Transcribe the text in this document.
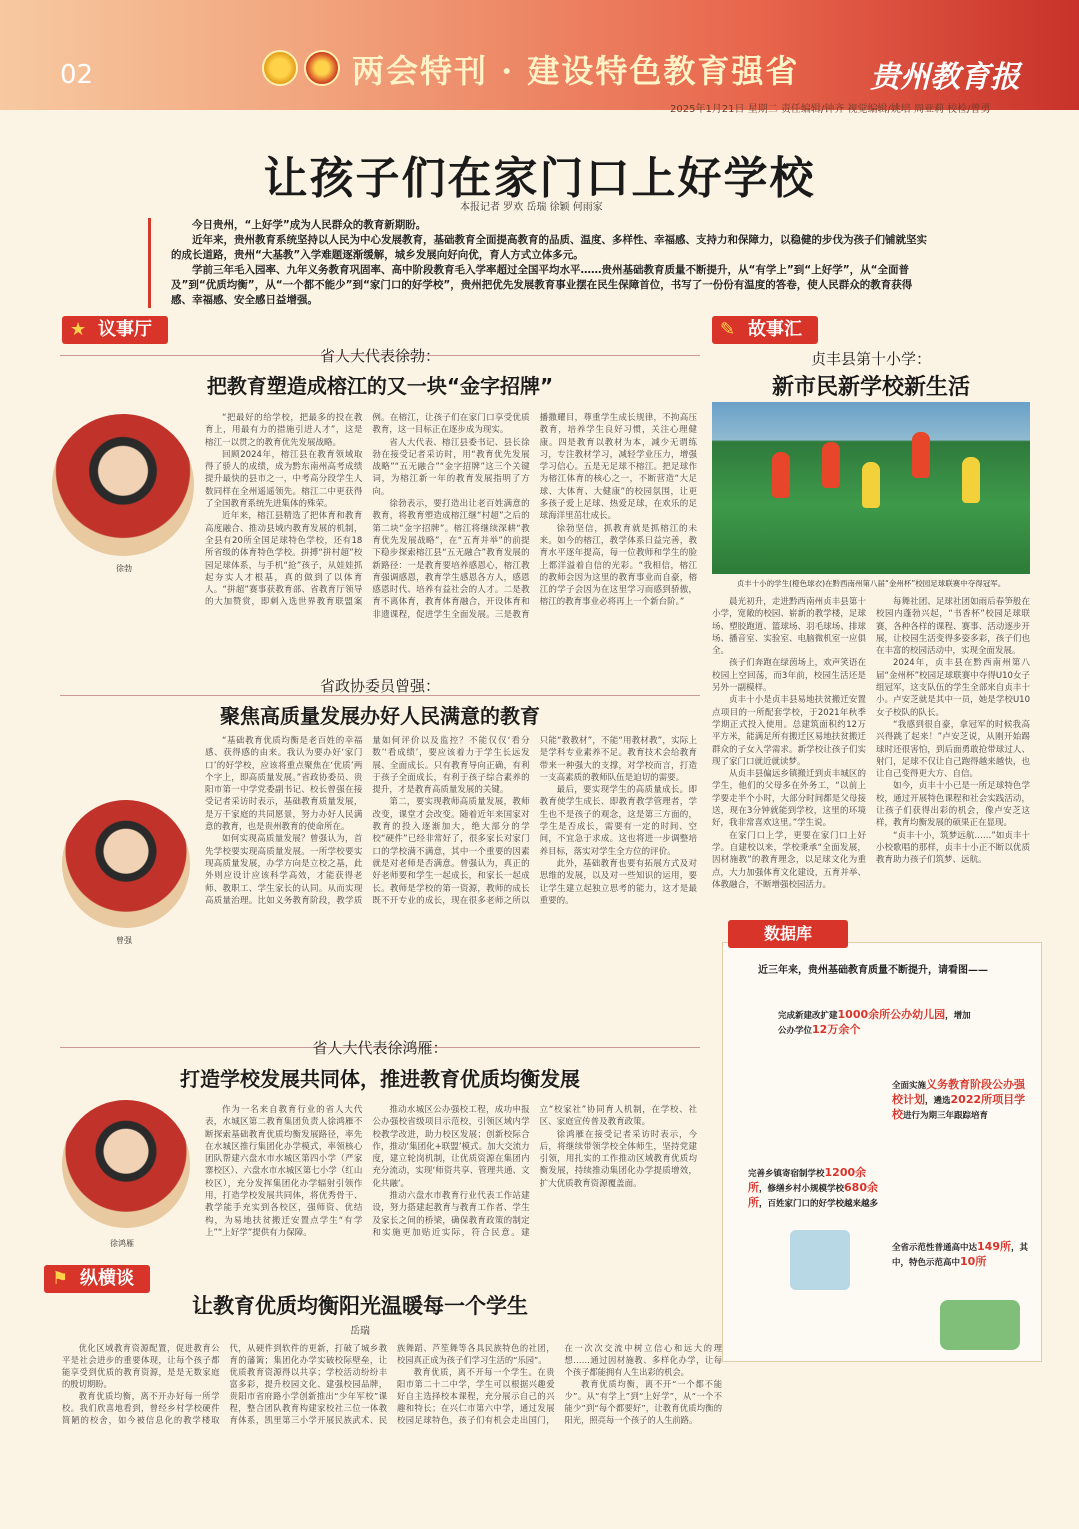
02	两会特刊 · 建设特色教育强省 贵州教育报
2025年1月21日 星期二 责任编辑/钟齐 视觉编辑/姚培 周亚莉 校检/曾勇
让孩子们在家门口上好学校
本报记者 罗欢 岳瑞 徐颖 何雨家

今日贵州，“上好学”成为人民群众的教育新期盼。

近年来，贵州教育系统坚持以人民为中心发展教育，基础教育全面提高教育的品质、温度、多样性、幸福感、支持力和保障力，以稳健的步伐为孩子们铺就坚实的成长道路，贵州“大基教”入学难题逐渐缓解，城乡发展向好向优，育人方式立体多元。

学前三年毛入园率、九年义务教育巩固率、高中阶段教育毛入学率超过全国平均水平……贵州基础教育质量不断提升，从“有学上”到“上好学”，从“全面普及”到“优质均衡”，从“一个都不能少”到“家门口的好学校”，贵州把优先发展教育事业摆在民生保障首位，书写了一份份有温度的答卷，使人民群众的教育获得感、幸福感、安全感日益增强。

★ 议事厅
省人大代表徐勃：
把教育塑造成榕江的又一块“金字招牌”
徐勃

“把最好的给学校，把最多的投在教育上，用最有力的措施引进人才”，这是榕江一以贯之的教育优先发展战略。

回顾2024年，榕江县在教育领域取得了骄人的成绩，成为黔东南州高考成绩提升最快的县市之一，中考高分段学生人数同样在全州遥遥领先。榕江二中更获得了全国教育系统先进集体的殊荣。

近年来，榕江县精选了把体育和教育高度融合、推动县域内教育发展的机制，全县有20所全国足球特色学校，还有18所省级的体育特色学校。拼搏“拼村超”校园足球体系，与手机“抢”孩子，从娃娃抓起夯实人才根基，真的做到了以体育人。“拼超”赛事获教育部、省教育厅领导的大加赞赏，即刺入选世界教育联盟案例。在榕江，让孩子们在家门口享受优质教育，这一目标正在逐步成为现实。

省人大代表、榕江县委书记、县长徐勃在接受记者采访时，用“教育优先发展战略”“五无融合”“金字招牌”这三个关键词，为榕江新一年的教育发展指明了方向。

徐勃表示，要打造出让老百姓满意的教育，将教育塑造成榕江继“村超”之后的第二块“金字招牌”。榕江将继续深耕“教育优先发展战略”，在“五育并举”的前提下稳步探索榕江县“五无融合”教育发展的新路径：一是教育要培养感恩心，榕江教育强调感恩，教育学生感恩各方人，感恩感恩时代、培养有益社会的人才。二是教育不离体育，教育体育融合，开设体育和非遗课程，促进学生全面发展。三是教育播撒耀目，尊重学生成长规律，不拘高压教育，培养学生良好习惯，关注心理健康。四是教育以教材为本，减少无谓练习，专注教材学习，减轻学业压力，增强学习信心。五是无足球不榕江。把足球作为榕江体育的核心之一，不断营造“大足球、大体育、大健康”的校园氛围，让更多孩子爱上足球、热爱足球，在欢乐的足球海洋里茁壮成长。

徐勃坚信，抓教育就是抓榕江的未来。如今的榕江，教学体系日益完善，教育水平逐年提高，每一位教师和学生的脸上都洋溢着自信的光彩。“我相信，榕江的教师会因为这里的教育事业而自豪，榕江的学子会因为在这里学习而感到骄傲，榕江的教育事业必将再上一个新台阶。”

省政协委员曾强：
聚焦高质量发展办好人民满意的教育
曾强

“基础教育优质均衡是老百姓的幸福感、获得感的由来。我认为要办好‘家门口’的好学校，应该将重点聚焦在‘优质’两个字上，即高质量发展。”省政协委员、贵阳市第一中学党委副书记、校长曾强在接受记者采访时表示，基础教育质量发展，是万千家庭的共同愿景，努力办好人民满意的教育，也是贵州教育的使命所在。

如何实现高质量发展？曾强认为，首先学校要实现高质量发展。一所学校要实现高质量发展，办学方向是立校之基，此外则应设计应该科学高效，才能获得老师、教职工、学生家长的认同。从而实现高质量治理。比如义务教育阶段，教学质量如何评价以及监控？不能仅仅‘看分数’‘看成绩’，要应该着力于学生长远发展、全面成长。只有教育导向正确，有利于孩子全面成长，有利于孩子综合素养的提升，才是教育高质量发展的关键。

第二，要实现教师高质量发展，教师改变，课堂才会改变。随着近年来国家对教育的投入逐渐加大，绝大部分的学校“硬件”已经非常好了，很多家长对家门口的学校满不满意，其中一个重要的因素就是对老师是否满意。曾强认为，真正的好老师要和学生一起成长，和家长一起成长。教师是学校的第一资源，教师的成长既不开专业的成长，现在很多老师之所以只能“教教材”，不能“用教材教”，实际上是学科专业素养不足。教育技术会给教育带来一种强大的支撑，对学校而言，打造一支高素质的教师队伍是迫切的需要。

最后，要实现学生的高质量成长。即教育使学生成长、即教育教学管理者，学生也不是孩子的观念，这是第三方面的，学生是否成长，需要有一定的时间、空间，不宜急于求成。这也将进一步调整培养目标，落实对学生全方位的评价。

此外，基础教育也要有拓展方式及对思维的发展，以及对一些知识的运用，要让学生建立起独立思考的能力，这才是最重要的。

省人大代表徐鸿雁：
打造学校发展共同体，推进教育优质均衡发展
徐鸿雁

作为一名来自教育行业的省人大代表，水城区第二教育集团负责人徐鸿雁不断探索基础教育优质均衡发展路径，率先在水城区推行集团化办学模式，率领核心团队帮建六盘水市水城区第四小学（严家寨校区）、六盘水市水城区第七小学（红山校区），充分发挥集团化办学辐射引领作用，打造学校发展共同体，将优秀骨干、教学能手充实到各校区，强师资、优结构，为易地扶贫搬迁安置点学生“有学上”“上好学”提供有力保障。

推动水城区公办强校工程，成功申报公办强校省级项目示范校，引领区域内学校教学改进，助力校区发展；创新校际合作，推动‘集团化+联盟’模式。加大交流力度，建立轮岗机制，让优质资源在集团内充分流动，实现‘师资共享、管理共通、文化共融’。

推动六盘水市教育行业代表工作站建设，努力搭建起教育与教育工作者、学生及家长之间的桥梁，确保教育政策的制定和实施更加贴近实际，符合民意。建立“校家社”协同育人机制，在学校、社区、家庭宣传普及教育政策。

徐鸿雁在接受记者采访时表示，今后，将继续带领学校全体师生，坚持党建引领，用扎实的工作推动区域教育优质均衡发展，持续推动集团化办学提质增效，扩大优质教育资源覆盖面。

✎ 故事汇
贞丰县第十小学：
新市民新学校新生活
贞丰十小的学生(橙色球衣)在黔西南州第八届“金州杯”校园足球联赛中夺得冠军。

晨光初升，走进黔西南州贞丰县第十小学，宽敞的校园、崭新的教学楼，足球场、塑胶跑道、篮球场、羽毛球场、排球场、播音室、实验室、电脑微机室一应俱全。

孩子们奔跑在绿茵场上，欢声笑语在校园上空回荡，而3年前，校园生活还是另外一副模样。

贞丰十小是贞丰县易地扶贫搬迁安置点项目的一所配套学校，于2021年秋季学期正式投入使用。总建筑面积约12万平方米，能满足所有搬迁区易地扶贫搬迁群众的子女入学需求。新学校让孩子们实现了家门口就近就读梦。

从贞丰县偏远乡镇搬迁到贞丰城区的学生，他们的父母多在外务工，“以前上学要走半个小时，大部分时间都是父母接送，现在3分钟就能到学校，这里的环境好，我非常喜欢这里。”学生说。

在家门口上学，更要在家门口上好学。自建校以来，学校秉承“全面发展，因材施教”的教育理念，以足球文化为重点，大力加强体育文化建设，五育并举、体教融合，不断增强校园活力。

每舞社团、足球社团如雨后春笋般在校园内蓬勃兴起，“书香杯”校园足球联赛，各种各样的课程、赛事、活动逐步开展，让校园生活变得多姿多彩，孩子们也在丰富的校园活动中，实现全面发展。

2024年，贞丰县在黔西南州第八届“金州杯”校园足球联赛中夺得U10女子组冠军，这支队伍的学生全部来自贞丰十小。卢安芝就是其中一员，她是学校U10女子校队的队长。

“我感到很自豪，拿冠军的时候我高兴得跳了起来！”卢安芝说，从刚开始踢球时还很害怕，到后面勇敢抢带球过人、射门，足球不仅让自己跑得越来越快，也让自己变得更大方、自信。

如今，贞丰十小已是一所足球特色学校，通过开展特色课程和社会实践活动，让孩子们获得出彩的机会，像卢安芝这样，教育均衡发展的硕果正在显现。

“贞丰十小，筑梦远航……”如贞丰十小校歌唱的那样，贞丰十小正不断以优质教育助力孩子们筑梦、远航。

数据库
近三年来，贵州基础教育质量不断提升，请看图——
完成新建改扩建1000余所公办幼儿园，增加公办学位12万余个
全面实施义务教育阶段公办强校计划，遴选2022所项目学校进行为期三年跟踪培育
完善乡镇寄宿制学校1200余所，修缮乡村小规模学校680余所，百姓家门口的好学校越来越多
全省示范性普通高中达149所，其中，特色示范高中10所
⚑ 纵横谈
让教育优质均衡阳光温暖每一个学生
岳瑞

优化区域教育资源配置，促进教育公平是社会进步的重要体现，让每个孩子都能享受到优质的教育资源，是是无数家庭的殷切期盼。

教育优质均衡，离不开办好每一所学校。我们欣喜地看到，曾经乡村学校硬件简陋的校舍，如今被信息化的教学楼取代，从硬件到软件的更新，打破了城乡教育的藩篱；集团化办学实破校际壁垒，让优质教育资源得以共享；学校活动纷纷丰富多彩，提升校园文化、建强校园品牌，贵阳市省府路小学创新推出“少年军校”课程，整合团队教育构建家校社三位一体教育体系，凯里第三小学开展民族武术、民族舞蹈、芦笙舞等各具民族特色的社团，校园真正成为孩子们学习生活的“乐园”。

教育优质，离不开每一个学生。在贵阳市第二十二中学，学生可以根据兴趣爱好自主选择校本课程，充分展示自己的兴趣和特长；在兴仁市第六中学，通过发展校园足球特色，孩子们有机会走出国门，在一次次交流中树立信心和远大的理想……通过因材施教、多样化办学，让每个孩子都能拥有人生出彩的机会。

教育优质均衡，离不开“一个都不能少”。从“有学上”到“上好学”，从“一个不能少”到“每个都要好”，让教育优质均衡的阳光，照亮每一个孩子的人生前路。
